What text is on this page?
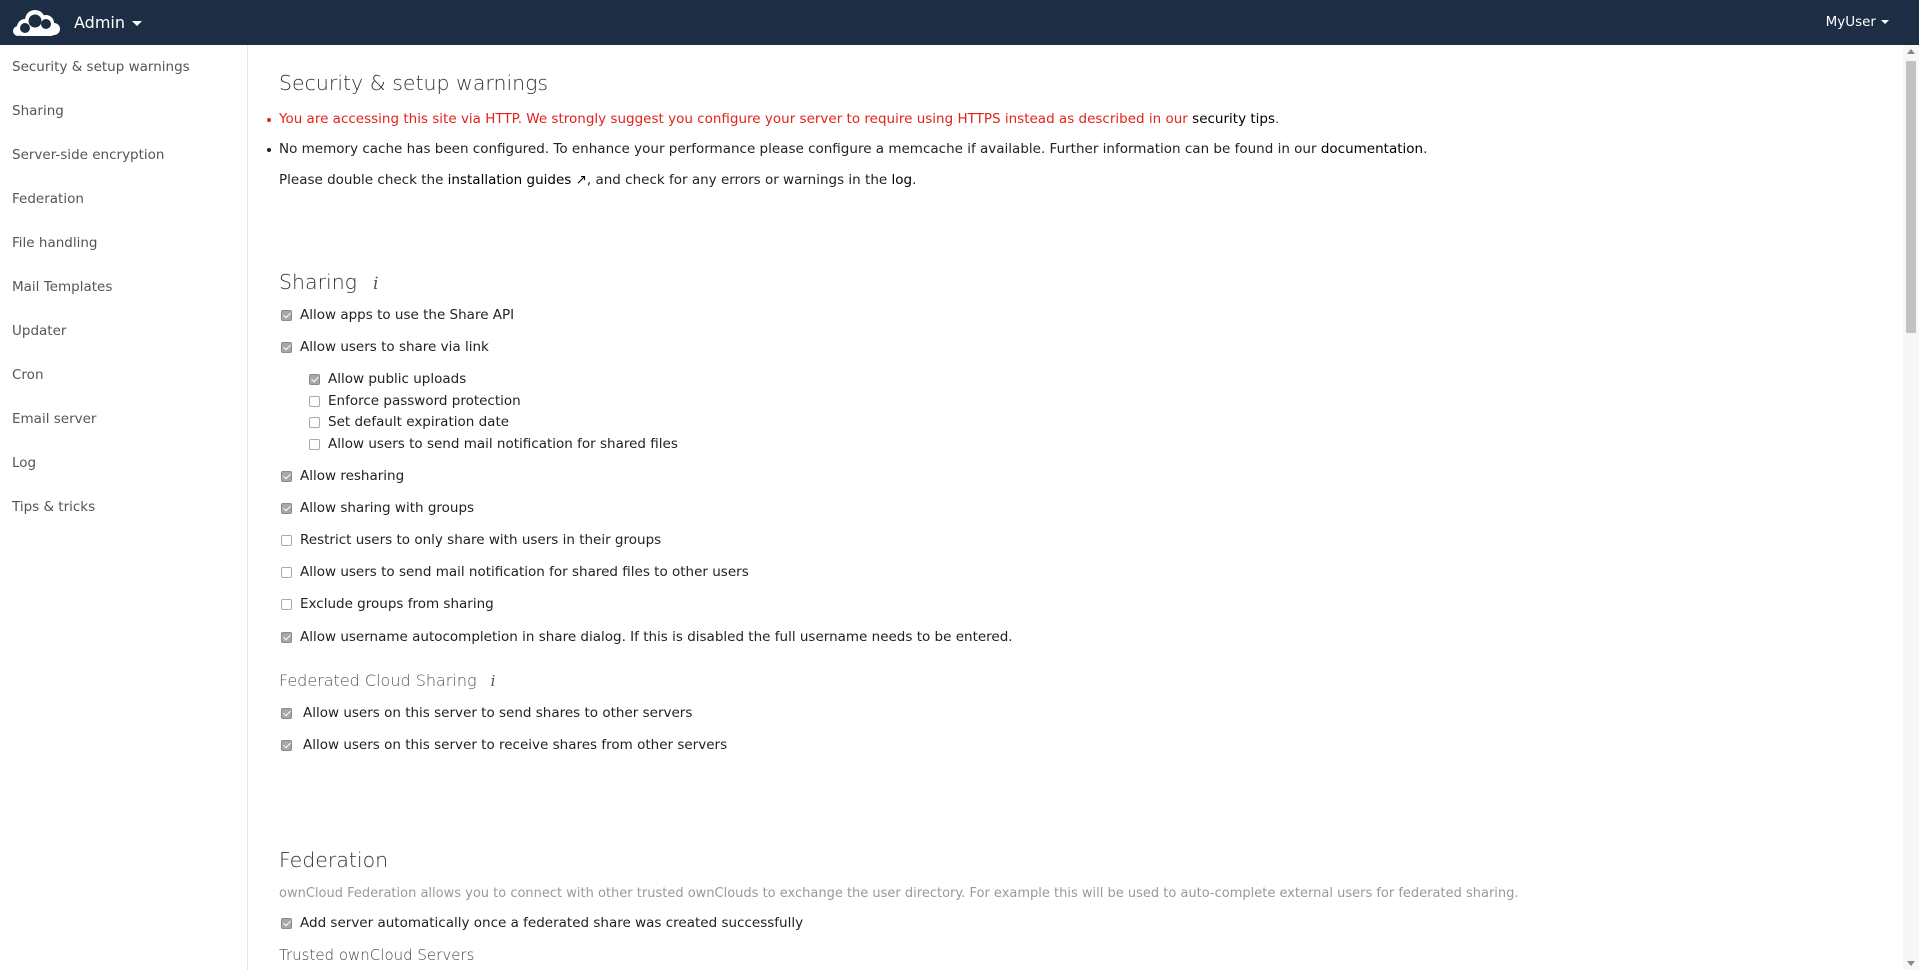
Admin	MyUser
Security & setup warnings
Sharing
Server-side encryption
Federation
File handling
Mail Templates
Updater
Cron
Email server
Log
Tips & tricks
Security & setup warnings
You are accessing this site via HTTP. We strongly suggest you configure your server to require using HTTPS instead as described in our security tips.
No memory cache has been configured. To enhance your performance please configure a memcache if available. Further information can be found in our documentation.
Please double check the installation guides ↗, and check for any errors or warnings in the log.
Sharing i
Allow apps to use the Share API
Allow users to share via link
Allow public uploads
Enforce password protection
Set default expiration date
Allow users to send mail notification for shared files
Allow resharing
Allow sharing with groups
Restrict users to only share with users in their groups
Allow users to send mail notification for shared files to other users
Exclude groups from sharing
Allow username autocompletion in share dialog. If this is disabled the full username needs to be entered.
Federated Cloud Sharing i
Allow users on this server to send shares to other servers
Allow users on this server to receive shares from other servers
Federation
ownCloud Federation allows you to connect with other trusted ownClouds to exchange the user directory. For example this will be used to auto-complete external users for federated sharing.
Add server automatically once a federated share was created successfully
Trusted ownCloud Servers
